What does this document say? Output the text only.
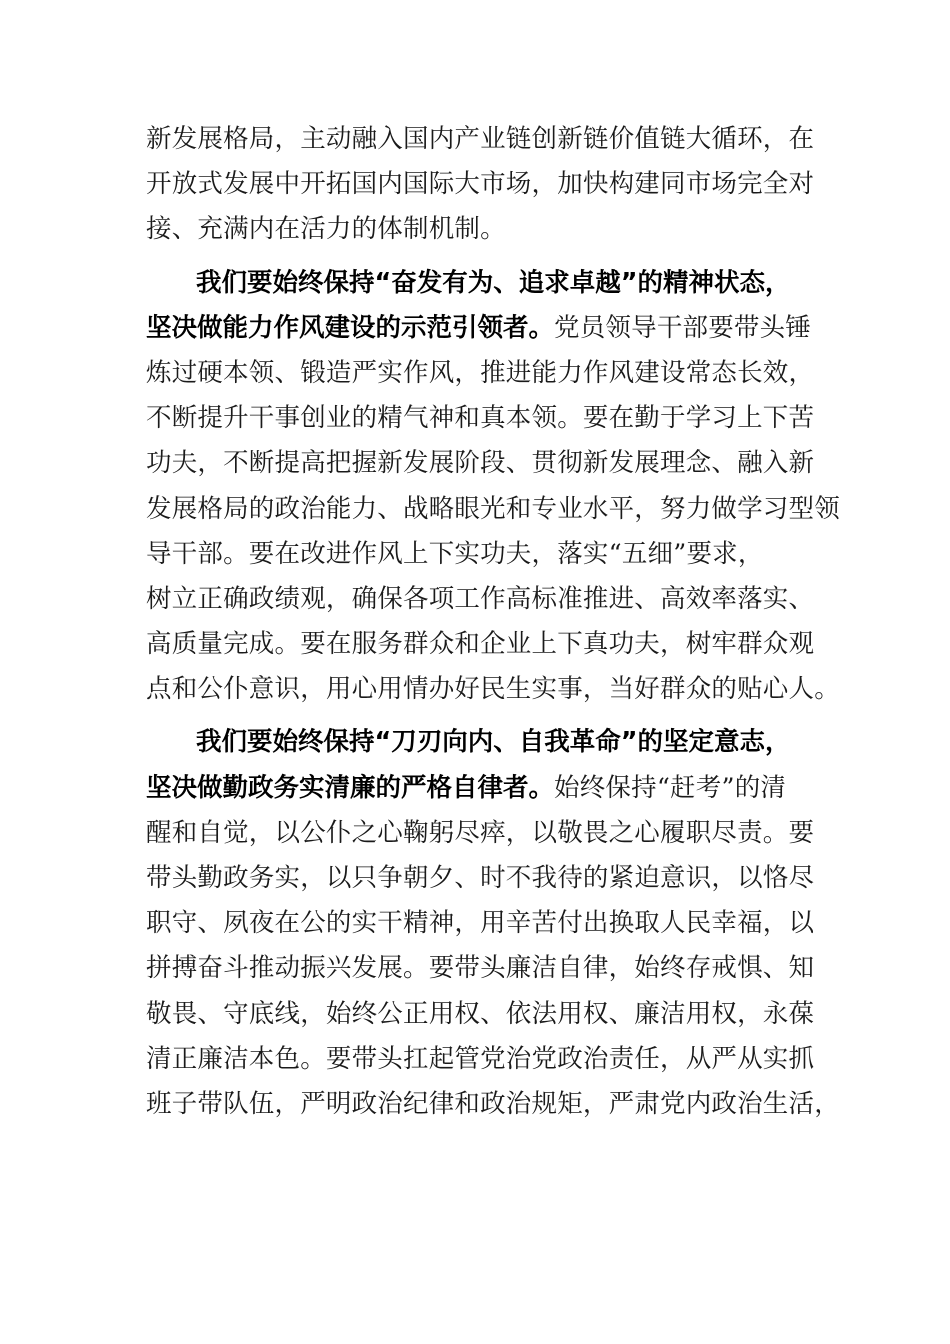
新发展格局，主动融入国内产业链创新链价值链大循环，在
开放式发展中开拓国内国际大市场，加快构建同市场完全对
接、充满内在活力的体制机制。
我们要始终保持“奋发有为、追求卓越”的精神状态，
坚决做能力作风建设的示范引领者。党员领导干部要带头锤
炼过硬本领、锻造严实作风，推进能力作风建设常态长效，
不断提升干事创业的精气神和真本领。要在勤于学习上下苦
功夫，不断提高把握新发展阶段、贯彻新发展理念、融入新
发展格局的政治能力、战略眼光和专业水平，努力做学习型领
导干部。要在改进作风上下实功夫，落实“五细”要求，
树立正确政绩观，确保各项工作高标准推进、高效率落实、
高质量完成。要在服务群众和企业上下真功夫，树牢群众观
点和公仆意识，用心用情办好民生实事，当好群众的贴心人。
我们要始终保持“刀刃向内、自我革命”的坚定意志，
坚决做勤政务实清廉的严格自律者。始终保持“赶考”的清
醒和自觉，以公仆之心鞠躬尽瘁，以敬畏之心履职尽责。要
带头勤政务实，以只争朝夕、时不我待的紧迫意识，以恪尽
职守、夙夜在公的实干精神，用辛苦付出换取人民幸福，以
拼搏奋斗推动振兴发展。要带头廉洁自律，始终存戒惧、知
敬畏、守底线，始终公正用权、依法用权、廉洁用权，永葆
清正廉洁本色。要带头扛起管党治党政治责任，从严从实抓
班子带队伍，严明政治纪律和政治规矩，严肃党内政治生活，
